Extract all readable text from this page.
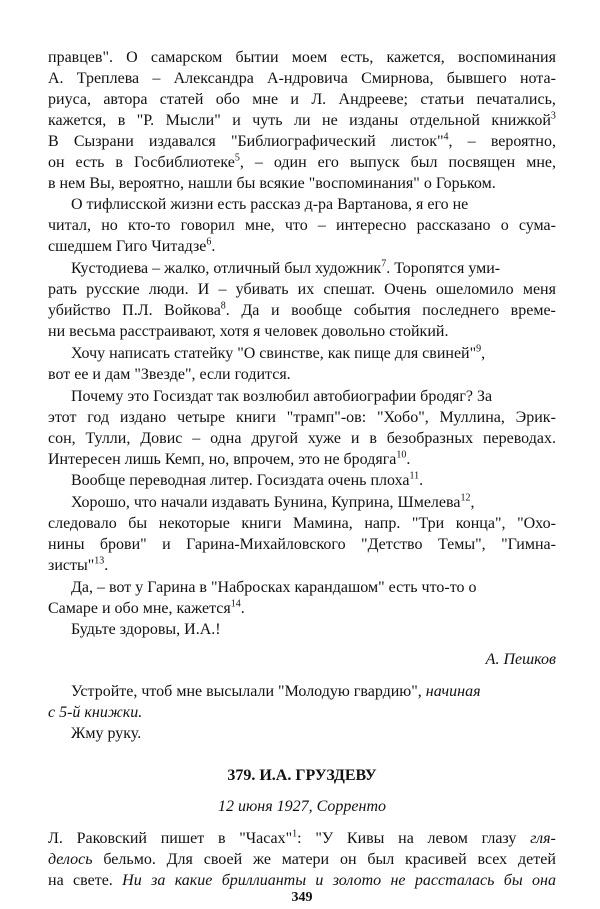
правцев". О самарском бытии моем есть, кажется, воспоминания
А. Треплева – Александра А-ндровича Смирнова, бывшего нота-
риуса, автора статей обо мне и Л. Андрееве; статьи печатались,
кажется, в "Р. Мысли" и чуть ли не изданы отдельной книжкой$^3$
В Сызрани издавался "Библиографический листок"$^4$, – вероятно,
он есть в Госбиблиотеке$^5$, – один его выпуск был посвящен мне,
в нем Вы, вероятно, нашли бы всякие "воспоминания" о Горьком.
О тифлисской жизни есть рассказ д-ра Вартанова, я его не
читал, но кто-то говорил мне, что – интересно рассказано о сума-
сшедшем Гиго Читадзе$^6$.
Кустодиева – жалко, отличный был художник$^7$. Торопятся уми-
рать русские люди. И – убивать их спешат. Очень ошеломило меня
убийство П.Л. Войкова$^8$. Да и вообще события последнего време-
ни весьма расстраивают, хотя я человек довольно стойкий.
Хочу написать статейку "О свинстве, как пище для свиней"$^9$,
вот ее и дам "Звезде", если годится.
Почему это Госиздат так возлюбил автобиографии бродяг? За
этот год издано четыре книги "трамп"-ов: "Хобо", Муллина, Эрик-
сон, Тулли, Довис – одна другой хуже и в безобразных переводах.
Интересен лишь Кемп, но, впрочем, это не бродяга$^{10}$.
Вообще переводная литер. Госиздата очень плоха$^{11}$.
Хорошо, что начали издавать Бунина, Куприна, Шмелева$^{12}$,
следовало бы некоторые книги Мамина, напр. "Три конца", "Охо-
нины брови" и Гарина-Михайловского "Детство Темы", "Гимна-
зисты"$^{13}$.
Да, – вот у Гарина в "Набросках карандашом" есть что-то о
Самаре и обо мне, кажется$^{14}$.
Будьте здоровы, И.А.!
А. Пешков
Устройте, чтоб мне высылали "Молодую гвардию", начиная
с 5-й книжки.
Жму руку.
379. И.А. ГРУЗДЕВУ
12 июня 1927, Сорренто
Л. Раковский пишет в "Часах"$^1$: "У Кивы на левом глазу гля-
делось бельмо. Для своей же матери он был красивей всех детей
на свете. Ни за какие бриллианты и золото не рассталась бы она
349
